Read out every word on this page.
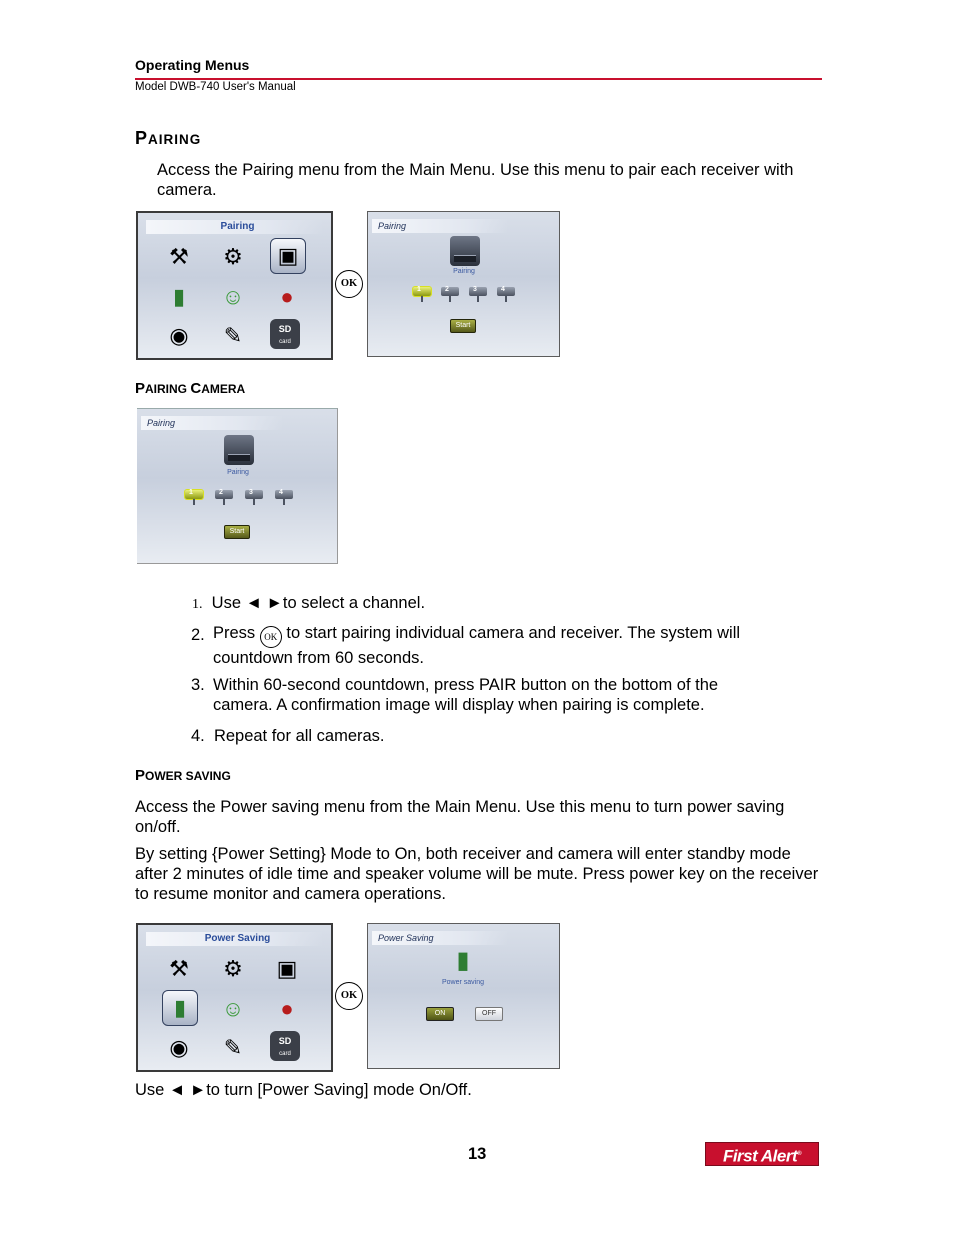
Operating Menus
Model DWB-740 User's Manual
PAIRING
Access the Pairing menu from the Main Menu. Use this menu to pair each receiver with camera.
Pairing
⚒	⚙	▣
▮	☺	●
◉	✎	SD
card
OK
Pairing
Pairing
1	2	3	4
Start
PAIRING CAMERA
Pairing
Pairing
1	2	3	4
Start
1. Use ◄ ►to select a channel.
2. Press OK to start pairing individual camera and receiver. The system will countdown from 60 seconds.
3. Within 60-second countdown, press PAIR button on the bottom of the camera. A confirmation image will display when pairing is complete.
4. Repeat for all cameras.
POWER SAVING
Access the Power saving menu from the Main Menu. Use this menu to turn power saving on/off.
By setting {Power Setting} Mode to On, both receiver and camera will enter standby mode after 2 minutes of idle time and speaker volume will be mute. Press power key on the receiver to resume monitor and camera operations.
Power Saving
⚒	⚙	▣
▮	☺	●
◉	✎	SD
card
OK
Power Saving
▮
Power saving
ON	OFF
Use ◄ ►to turn [Power Saving] mode On/Off.
13	First Alert®
